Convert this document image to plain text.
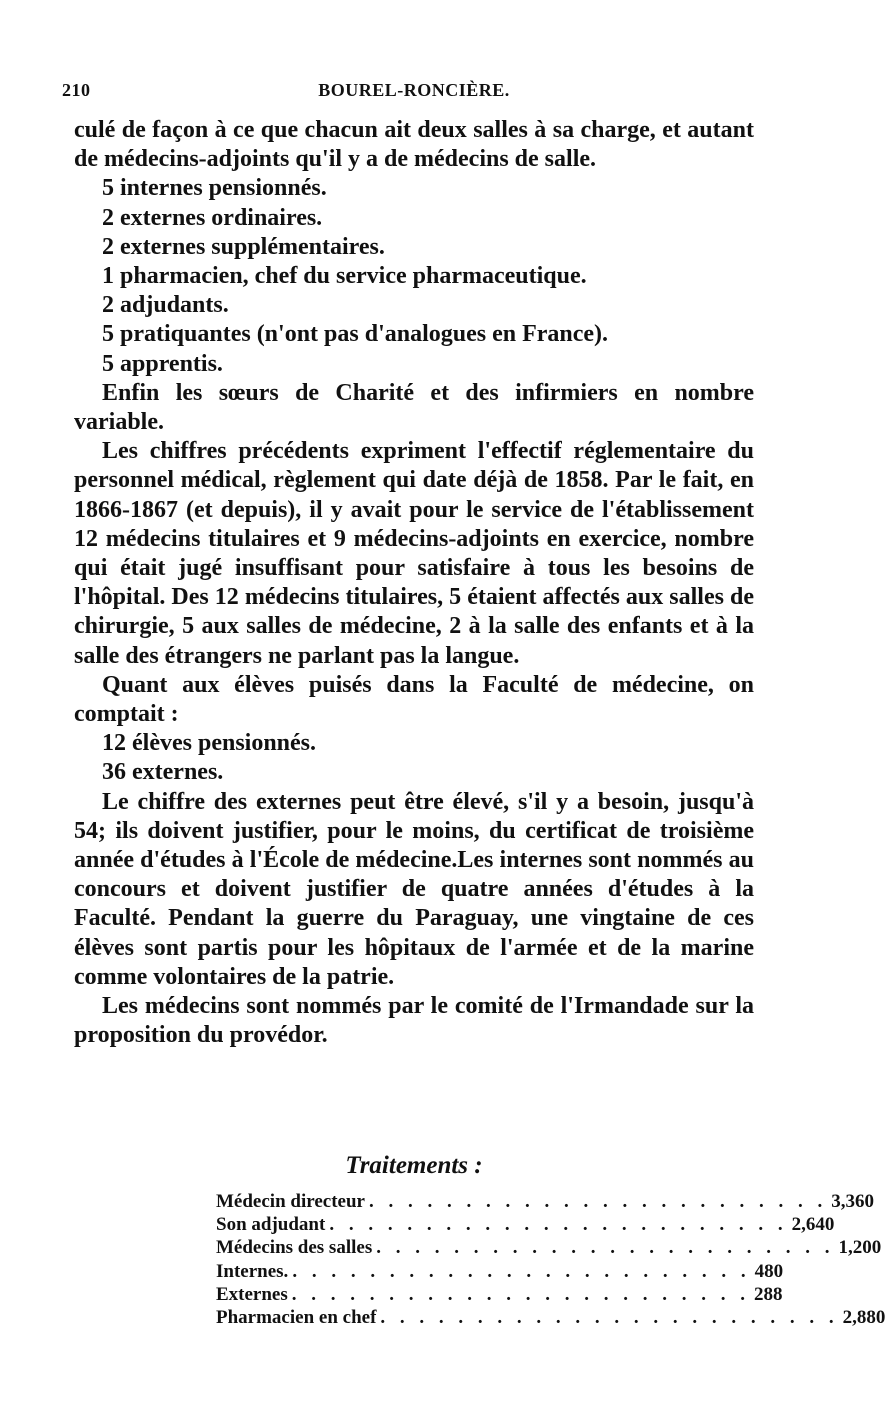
210	BOUREL-RONCIÈRE.

culé de façon à ce que chacun ait deux salles à sa charge, et autant de médecins-adjoints qu'il y a de médecins de salle.

5 internes pensionnés.

2 externes ordinaires.

2 externes supplémentaires.

1 pharmacien, chef du service pharmaceutique.

2 adjudants.

5 pratiquantes (n'ont pas d'analogues en France).

5 apprentis.

Enfin les sœurs de Charité et des infirmiers en nombre variable.

Les chiffres précédents expriment l'effectif réglementaire du personnel médical, règlement qui date déjà de 1858. Par le fait, en 1866-1867 (et depuis), il y avait pour le service de l'établissement 12 médecins titulaires et 9 médecins-adjoints en exercice, nombre qui était jugé insuffisant pour satisfaire à tous les besoins de l'hôpital. Des 12 médecins titulaires, 5 étaient affectés aux salles de chirurgie, 5 aux salles de médecine, 2 à la salle des enfants et à la salle des étrangers ne parlant pas la langue.

Quant aux élèves puisés dans la Faculté de médecine, on comptait :

12 élèves pensionnés.

36 externes.

Le chiffre des externes peut être élevé, s'il y a besoin, jusqu'à 54; ils doivent justifier, pour le moins, du certificat de troisième année d'études à l'École de médecine.Les internes sont nommés au concours et doivent justifier de quatre années d'études à la Faculté. Pendant la guerre du Paraguay, une vingtaine de ces élèves sont partis pour les hôpitaux de l'armée et de la marine comme volontaires de la patrie.

Les médecins sont nommés par le comité de l'Irmandade sur la proposition du provédor.

Traitements :
Médecin directeur . . . . . . . . . . . . . . . . . . . . . . . . 3,360
Son adjudant . . . . . . . . . . . . . . . . . . . . . . . . 2,640
Médecins des salles . . . . . . . . . . . . . . . . . . . . . . . . 1,200
Internes. . . . . . . . . . . . . . . . . . . . . . . . . 480
Externes . . . . . . . . . . . . . . . . . . . . . . . . 288
Pharmacien en chef . . . . . . . . . . . . . . . . . . . . . . . . 2,880
